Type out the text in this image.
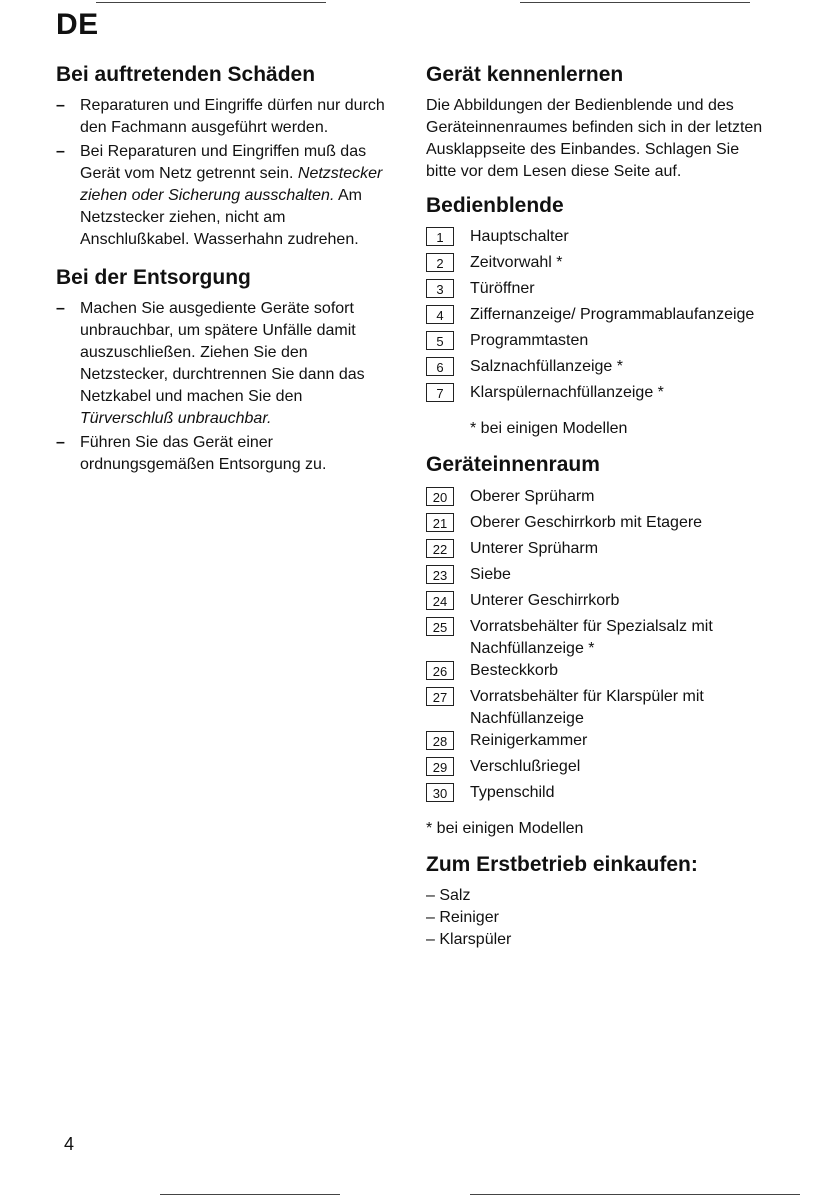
DE
Bei auftretenden Schäden
– Reparaturen und Eingriffe dürfen nur durch den Fachmann ausgeführt werden.
– Bei Reparaturen und Eingriffen muß das Gerät vom Netz getrennt sein. Netzstecker ziehen oder Sicherung ausschalten. Am Netzstecker ziehen, nicht am Anschlußkabel. Wasserhahn zudrehen.
Bei der Entsorgung
– Machen Sie ausgediente Geräte sofort unbrauchbar, um spätere Unfälle damit auszuschließen. Ziehen Sie den Netzstecker, durchtrennen Sie dann das Netzkabel und machen Sie den Türverschluß unbrauchbar.
– Führen Sie das Gerät einer ordnungsgemäßen Entsorgung zu.
Gerät kennenlernen

Die Abbildungen der Bedienblende und des Geräteinnenraumes befinden sich in der letzten Ausklappseite des Einbandes. Schlagen Sie bitte vor dem Lesen diese Seite auf.

Bedienblende
1	Hauptschalter
2	Zeitvorwahl *
3	Türöffner
4	Ziffernanzeige/ Programmablaufanzeige
5	Programmtasten
6	Salznachfüllanzeige *
7	Klarspülernachfüllanzeige *
* bei einigen Modellen
Geräteinnenraum
20	Oberer Sprüharm
21	Oberer Geschirrkorb mit Etagere
22	Unterer Sprüharm
23	Siebe
24	Unterer Geschirrkorb
25	Vorratsbehälter für Spezialsalz mit Nachfüllanzeige *
26	Besteckkorb
27	Vorratsbehälter für Klarspüler mit Nachfüllanzeige
28	Reinigerkammer
29	Verschlußriegel
30	Typenschild
* bei einigen Modellen
Zum Erstbetrieb einkaufen:
– Salz
– Reiniger
– Klarspüler
4
